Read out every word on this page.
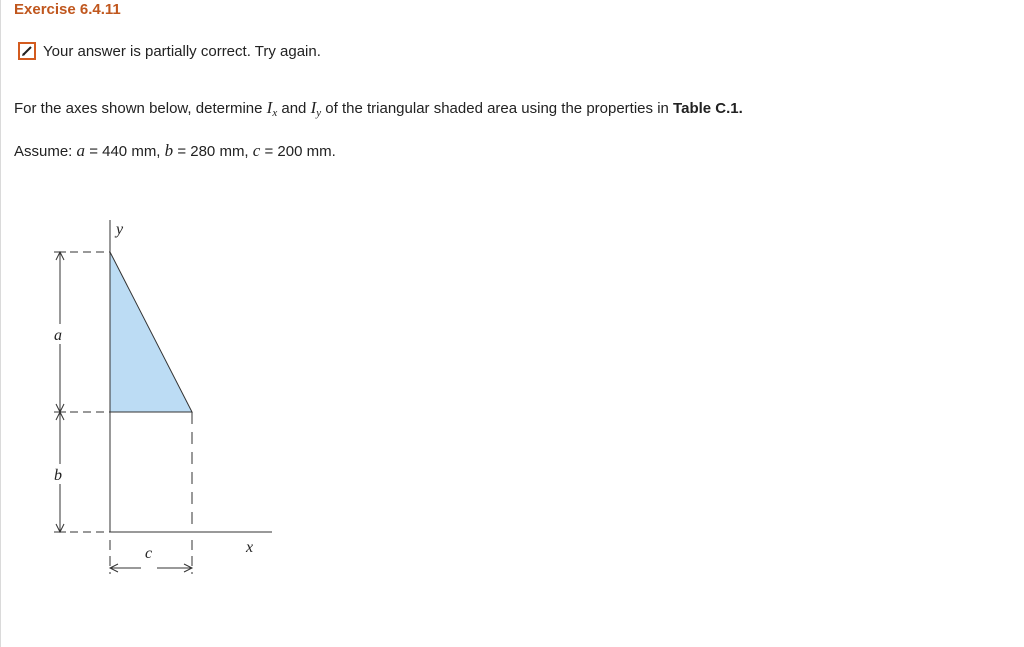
Exercise 6.4.11
Your answer is partially correct. Try again.
For the axes shown below, determine $I_x$ and $I_y$ of the triangular shaded area using the properties in Table C.1.
Assume: a = 440 mm, b = 280 mm, c = 200 mm.
y
x
a
b
c
